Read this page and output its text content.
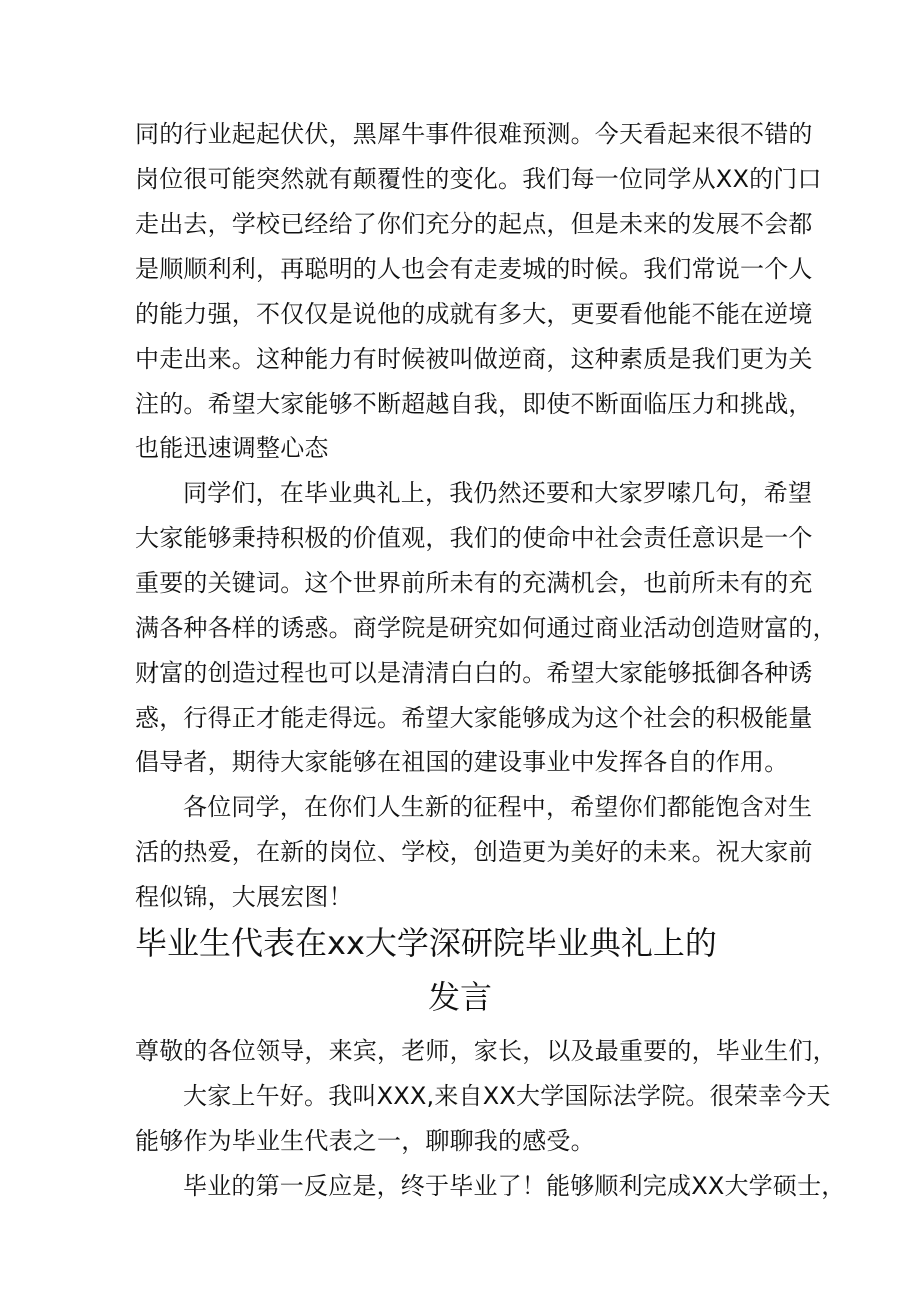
同的行业起起伏伏，黑犀牛事件很难预测。今天看起来很不错的
岗位很可能突然就有颠覆性的变化。我们每一位同学从XX的门口
走出去，学校已经给了你们充分的起点，但是未来的发展不会都
是顺顺利利，再聪明的人也会有走麦城的时候。我们常说一个人
的能力强，不仅仅是说他的成就有多大，更要看他能不能在逆境
中走出来。这种能力有时候被叫做逆商，这种素质是我们更为关
注的。希望大家能够不断超越自我，即使不断面临压力和挑战，
也能迅速调整心态
同学们，在毕业典礼上，我仍然还要和大家罗嗦几句，希望
大家能够秉持积极的价值观，我们的使命中社会责任意识是一个
重要的关键词。这个世界前所未有的充满机会，也前所未有的充
满各种各样的诱惑。商学院是研究如何通过商业活动创造财富的，
财富的创造过程也可以是清清白白的。希望大家能够抵御各种诱
惑，行得正才能走得远。希望大家能够成为这个社会的积极能量
倡导者，期待大家能够在祖国的建设事业中发挥各自的作用。
各位同学，在你们人生新的征程中，希望你们都能饱含对生
活的热爱，在新的岗位、学校，创造更为美好的未来。祝大家前
程似锦，大展宏图！
毕业生代表在xx大学深研院毕业典礼上的
发言
尊敬的各位领导，来宾，老师，家长，以及最重要的，毕业生们，
大家上午好。我叫XXX,来自XX大学国际法学院。很荣幸今天
能够作为毕业生代表之一，聊聊我的感受。
毕业的第一反应是，终于毕业了！能够顺利完成XX大学硕士，
